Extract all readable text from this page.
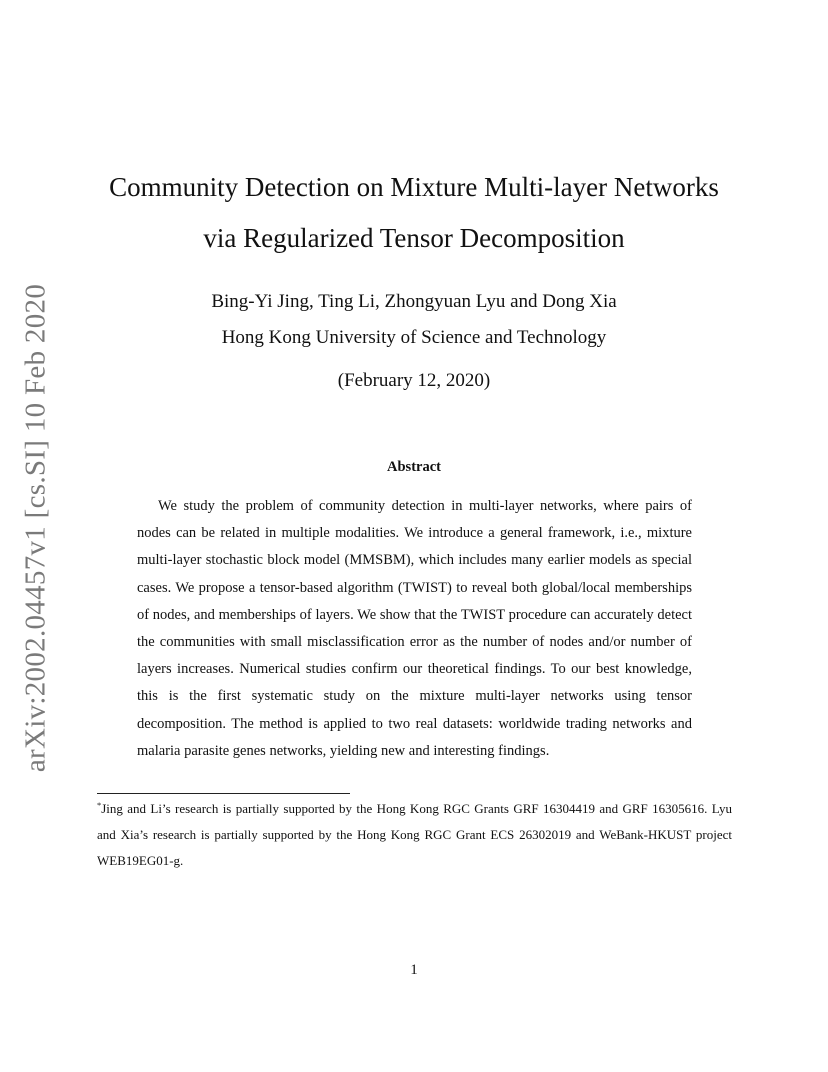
arXiv:2002.04457v1 [cs.SI] 10 Feb 2020
Community Detection on Mixture Multi-layer Networks
via Regularized Tensor Decomposition
Bing-Yi Jing, Ting Li, Zhongyuan Lyu and Dong Xia
Hong Kong University of Science and Technology
(February 12, 2020)
Abstract

We study the problem of community detection in multi-layer networks, where pairs of nodes can be related in multiple modalities. We introduce a general framework, i.e., mixture multi-layer stochastic block model (MMSBM), which includes many earlier models as special cases. We propose a tensor-based algorithm (TWIST) to reveal both global/local memberships of nodes, and memberships of layers. We show that the TWIST procedure can accurately detect the communities with small misclassification error as the number of nodes and/or number of layers increases. Numerical studies confirm our theoretical findings. To our best knowledge, this is the first systematic study on the mixture multi-layer networks using tensor decomposition. The method is applied to two real datasets: worldwide trading networks and malaria parasite genes networks, yielding new and interesting findings.

*Jing and Li’s research is partially supported by the Hong Kong RGC Grants GRF 16304419 and GRF 16305616. Lyu and Xia’s research is partially supported by the Hong Kong RGC Grant ECS 26302019 and WeBank-HKUST project WEB19EG01-g.

1
